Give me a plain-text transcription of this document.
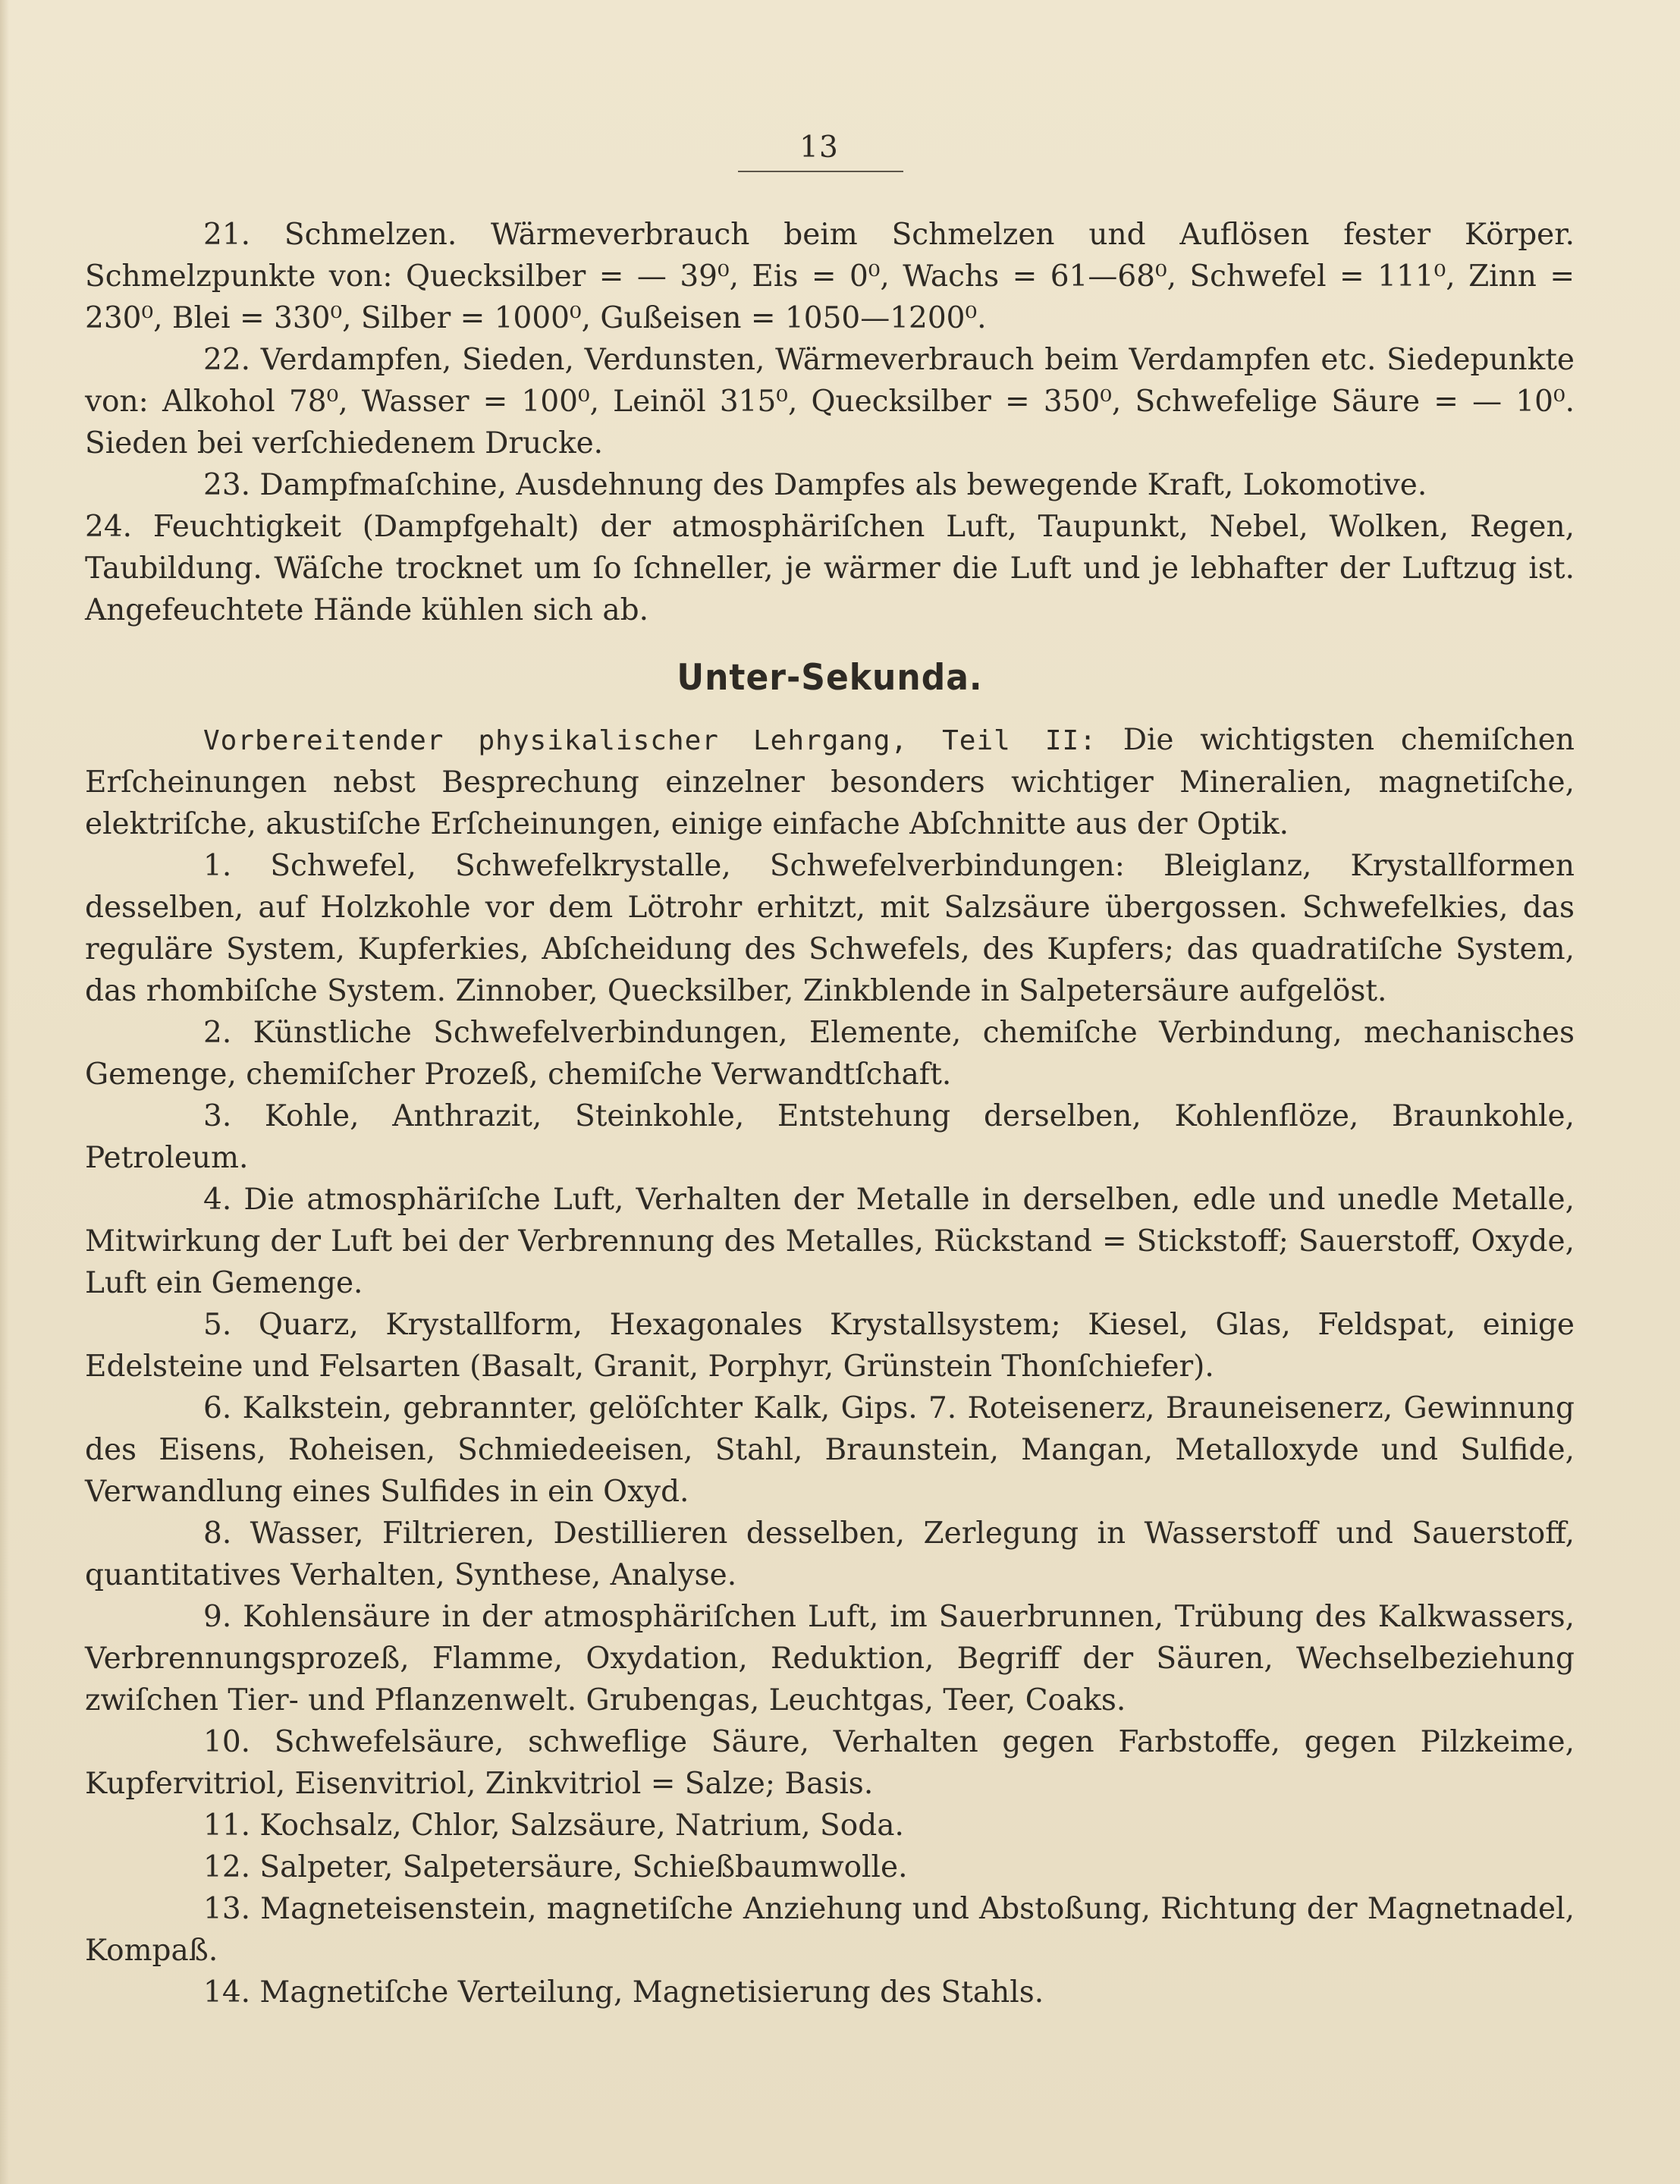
13

21. Schmelzen. Wärmeverbrauch beim Schmelzen und Auflösen fester Körper. Schmelzpunkte von: Quecksilber = — 39⁰, Eis = 0⁰, Wachs = 61—68⁰, Schwefel = 111⁰, Zinn = 230⁰, Blei = 330⁰, Silber = 1000⁰, Gußeisen = 1050—1200⁰.

22. Verdampfen, Sieden, Verdunsten, Wärmeverbrauch beim Verdampfen etc. Siedepunkte von: Alkohol 78⁰, Wasser = 100⁰, Leinöl 315⁰, Quecksilber = 350⁰, Schwefelige Säure = — 10⁰. Sieden bei verſchiedenem Drucke.

23. Dampfmaſchine, Ausdehnung des Dampfes als bewegende Kraft, Lokomotive.

24. Feuchtigkeit (Dampfgehalt) der atmosphäriſchen Luft, Taupunkt, Nebel, Wolken, Regen, Taubildung. Wäſche trocknet um ſo ſchneller, je wärmer die Luft und je lebhafter der Luftzug ist. Angefeuchtete Hände kühlen sich ab.

Unter-Sekunda.

Vorbereitender physikalischer Lehrgang, Teil II: Die wichtigsten chemiſchen Erſcheinungen nebst Besprechung einzelner besonders wichtiger Mineralien, magnetiſche, elektriſche, akustiſche Erſcheinungen, einige einfache Abſchnitte aus der Optik.

1. Schwefel, Schwefelkrystalle, Schwefelverbindungen: Bleiglanz, Krystallformen desselben, auf Holzkohle vor dem Lötrohr erhitzt, mit Salzsäure übergossen. Schwefelkies, das reguläre System, Kupferkies, Abſcheidung des Schwefels, des Kupfers; das quadratiſche System, das rhombiſche System. Zinnober, Quecksilber, Zinkblende in Salpetersäure aufgelöst.

2. Künstliche Schwefelverbindungen, Elemente, chemiſche Verbindung, mechanisches Gemenge, chemiſcher Prozeß, chemiſche Verwandtſchaft.

3. Kohle, Anthrazit, Steinkohle, Entstehung derselben, Kohlenflöze, Braunkohle, Petroleum.

4. Die atmosphäriſche Luft, Verhalten der Metalle in derselben, edle und unedle Metalle, Mitwirkung der Luft bei der Verbrennung des Metalles, Rückstand = Stickstoff; Sauerstoff, Oxyde, Luft ein Gemenge.

5. Quarz, Krystallform, Hexagonales Krystallsystem; Kiesel, Glas, Feldspat, einige Edelsteine und Felsarten (Basalt, Granit, Porphyr, Grünstein Thonſchiefer).

6. Kalkstein, gebrannter, gelöſchter Kalk, Gips. 7. Roteisenerz, Brauneisenerz, Gewinnung des Eisens, Roheisen, Schmiedeeisen, Stahl, Braunstein, Mangan, Metalloxyde und Sulfide, Verwandlung eines Sulfides in ein Oxyd.

8. Wasser, Filtrieren, Destillieren desselben, Zerlegung in Wasserstoff und Sauerstoff, quantitatives Verhalten, Synthese, Analyse.

9. Kohlensäure in der atmosphäriſchen Luft, im Sauerbrunnen, Trübung des Kalkwassers, Verbrennungsprozeß, Flamme, Oxydation, Reduktion, Begriff der Säuren, Wechselbeziehung zwiſchen Tier- und Pflanzenwelt. Grubengas, Leuchtgas, Teer, Coaks.

10. Schwefelsäure, schweflige Säure, Verhalten gegen Farbstoffe, gegen Pilzkeime, Kupfervitriol, Eisenvitriol, Zinkvitriol = Salze; Basis.

11. Kochsalz, Chlor, Salzsäure, Natrium, Soda.

12. Salpeter, Salpetersäure, Schießbaumwolle.

13. Magneteisenstein, magnetiſche Anziehung und Abstoßung, Richtung der Magnetnadel, Kompaß.

14. Magnetiſche Verteilung, Magnetisierung des Stahls.
